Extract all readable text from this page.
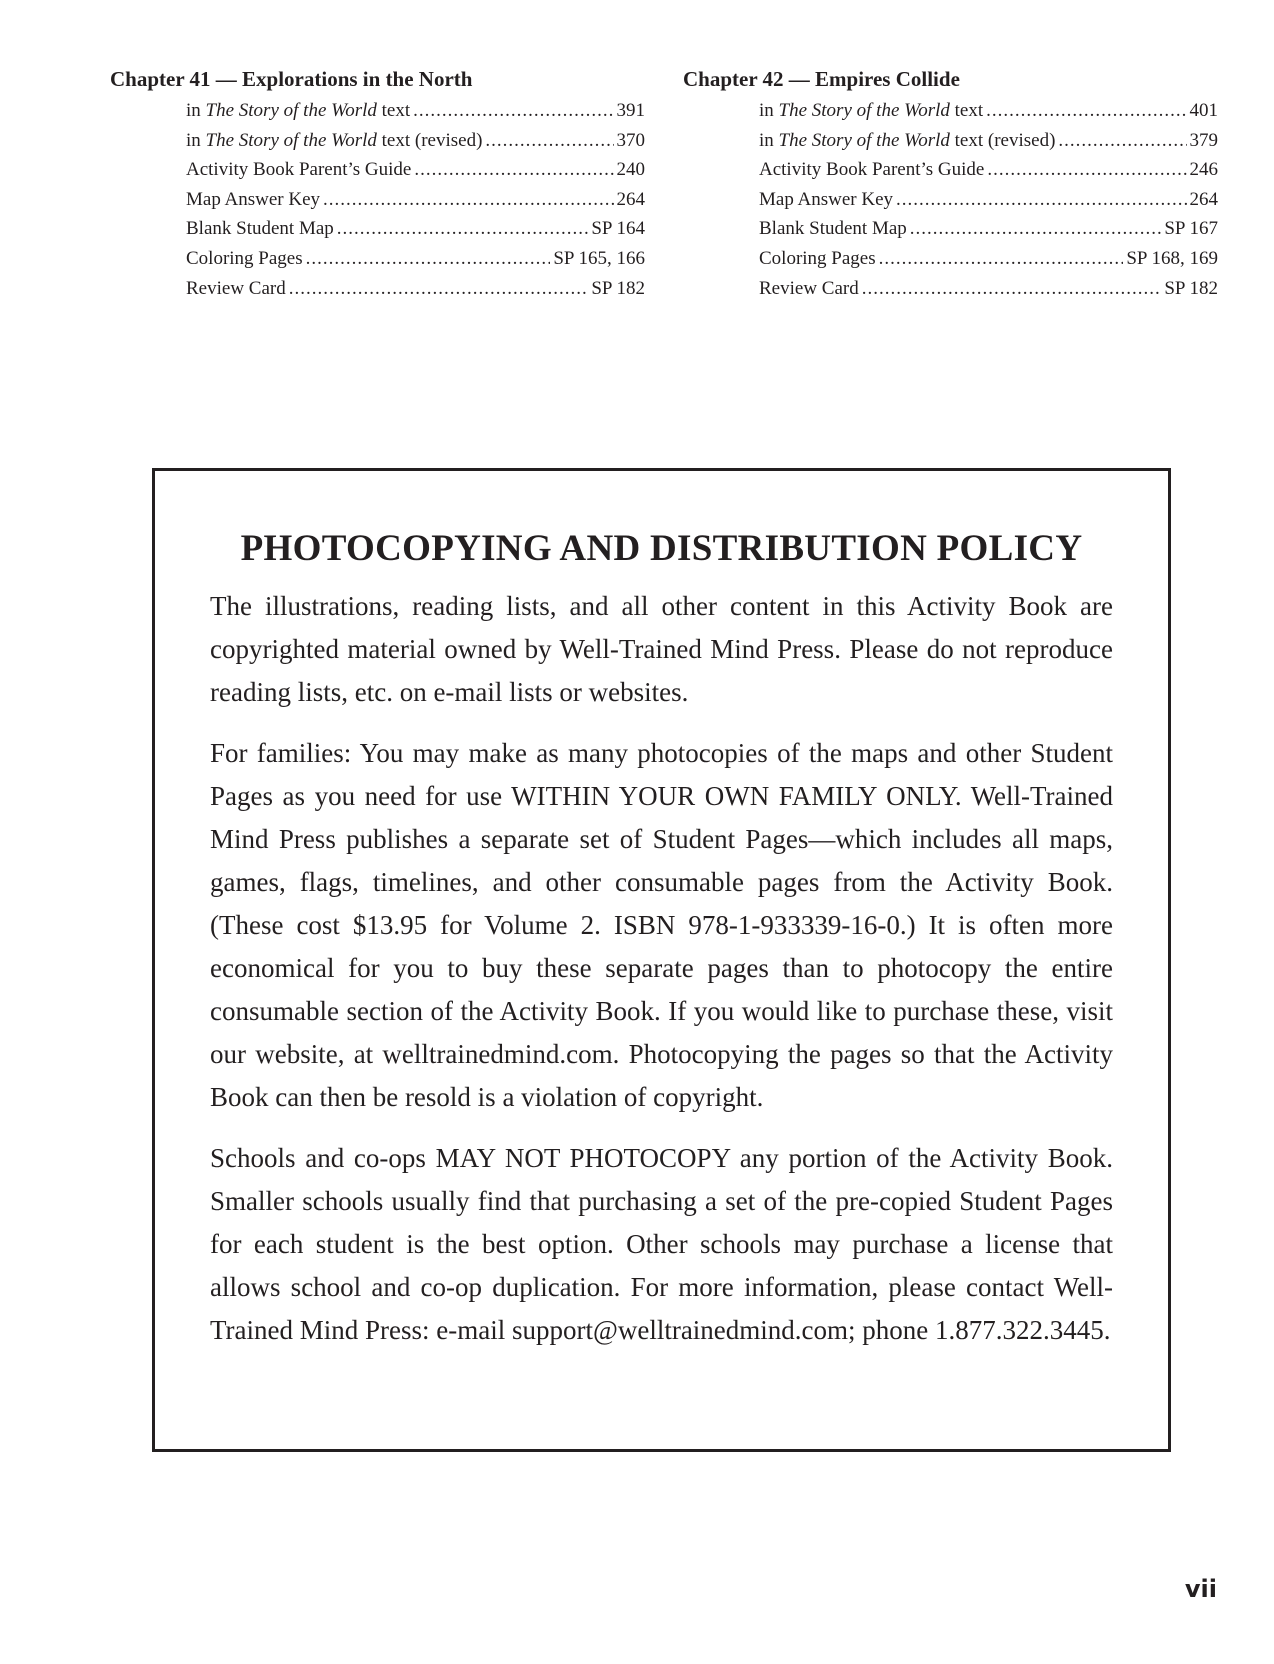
Chapter 41 — Explorations in the North
in The Story of the World text .....	391
in The Story of the World text (revised) .....	370
Activity Book Parent’s Guide .....	240
Map Answer Key .....	264
Blank Student Map .....	SP 164
Coloring Pages .....	SP 165, 166
Review Card .....	SP 182
Chapter 42 — Empires Collide
in The Story of the World text .....	401
in The Story of the World text (revised) .....	379
Activity Book Parent’s Guide .....	246
Map Answer Key .....	264
Blank Student Map .....	SP 167
Coloring Pages .....	SP 168, 169
Review Card .....	SP 182
PHOTOCOPYING AND DISTRIBUTION POLICY

The illustrations, reading lists, and all other content in this Activity Book are copyrighted material owned by Well-Trained Mind Press. Please do not reproduce reading lists, etc. on e-mail lists or websites.

For families: You may make as many photocopies of the maps and other Student Pages as you need for use WITHIN YOUR OWN FAMILY ONLY. Well-Trained Mind Press publishes a separate set of Student Pages—which includes all maps, games, flags, timelines, and other consumable pages from the Activity Book. (These cost $13.95 for Volume 2. ISBN 978-1-933339-16-0.) It is often more economical for you to buy these separate pages than to photocopy the entire consumable section of the Activity Book. If you would like to purchase these, visit our website, at welltrainedmind.com. Photocopying the pages so that the Activity Book can then be resold is a violation of copyright.

Schools and co-ops MAY NOT PHOTOCOPY any portion of the Activity Book. Smaller schools usually find that purchasing a set of the pre-copied Student Pages for each student is the best option. Other schools may purchase a license that allows school and co-op duplication. For more information, please contact Well-Trained Mind Press: e-mail support@welltrainedmind.com; phone 1.877.322.3445.

vii
